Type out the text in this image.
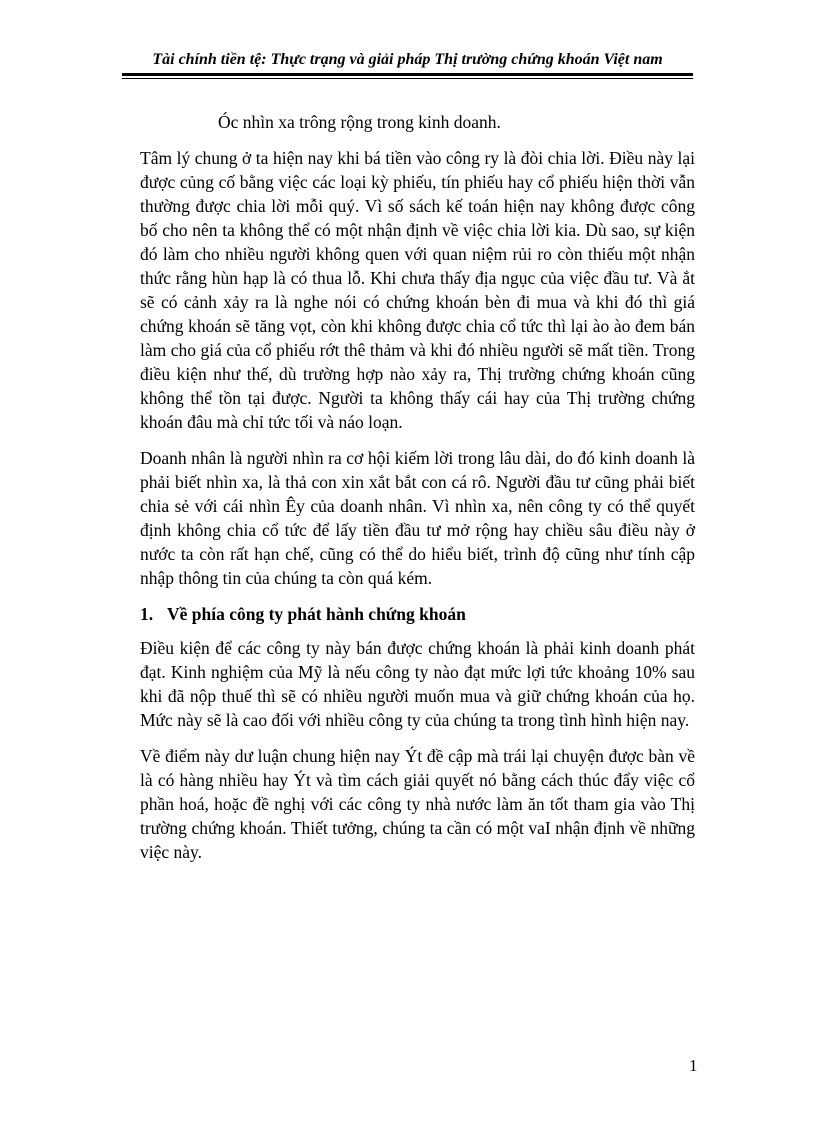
Tài chính tiền tệ: Thực trạng và giải pháp Thị trường chứng khoán Việt nam

Óc nhìn xa trông rộng trong kinh doanh.

Tâm lý chung ở ta hiện nay khi bá tiền vào công ry là đòi chia lời. Điều này lại được củng cố bằng việc các loại kỳ phiếu, tín phiếu hay cổ phiếu hiện thời vẫn thường được chia lời mỗi quý. Vì số sách kế toán hiện nay không được công bố cho nên ta không thể có một nhận định về việc chia lời kia. Dù sao, sự kiện đó làm cho nhiều người không quen với quan niệm rủi ro còn thiếu một nhận thức rằng hùn hạp là có thua lỗ. Khi chưa thấy địa ngục của việc đầu tư. Và ắt sẽ có cảnh xảy ra là nghe nói có chứng khoán bèn đi mua và khi đó thì giá chứng khoán sẽ tăng vọt, còn khi không được chia cổ tức thì lại ào ào đem bán làm cho giá của cổ phiếu rớt thê thảm và khi đó nhiều người sẽ mất tiền. Trong điều kiện như thế, dù trường hợp nào xảy ra, Thị trường chứng khoán cũng không thể tồn tại được. Người ta không thấy cái hay của Thị trường chứng khoán đâu mà chỉ tức tối và náo loạn.

Doanh nhân là người nhìn ra cơ hội kiếm lời trong lâu dài, do đó kinh doanh là phải biết nhìn xa, là thả con xin xắt bắt con cá rô. Người đầu tư cũng phải biết chia sẻ với cái nhìn Êy của doanh nhân. Vì nhìn xa, nên công ty có thể quyết định không chia cổ tức để lấy tiền đầu tư mở rộng hay chiều sâu điều này ở nước ta còn rất hạn chế, cũng có thể do hiểu biết, trình độ cũng như tính cập nhập thông tin của chúng ta còn quá kém.

1. Về phía công ty phát hành chứng khoán

Điều kiện để các công ty này bán được chứng khoán là phải kinh doanh phát đạt. Kinh nghiệm của Mỹ là nếu công ty nào đạt mức lợi tức khoảng 10% sau khi đã nộp thuế thì sẽ có nhiều người muốn mua và giữ chứng khoán của họ. Mức này sẽ là cao đối với nhiều công ty của chúng ta trong tình hình hiện nay.

Về điểm này dư luận chung hiện nay Ýt đề cập mà trái lại chuyện được bàn về là có hàng nhiều hay Ýt và tìm cách giải quyết nó bằng cách thúc đẩy việc cổ phần hoá, hoặc đề nghị với các công ty nhà nước làm ăn tốt tham gia vào Thị trường chứng khoán. Thiết tưởng, chúng ta cần có một vaI nhận định về những việc này.

1
